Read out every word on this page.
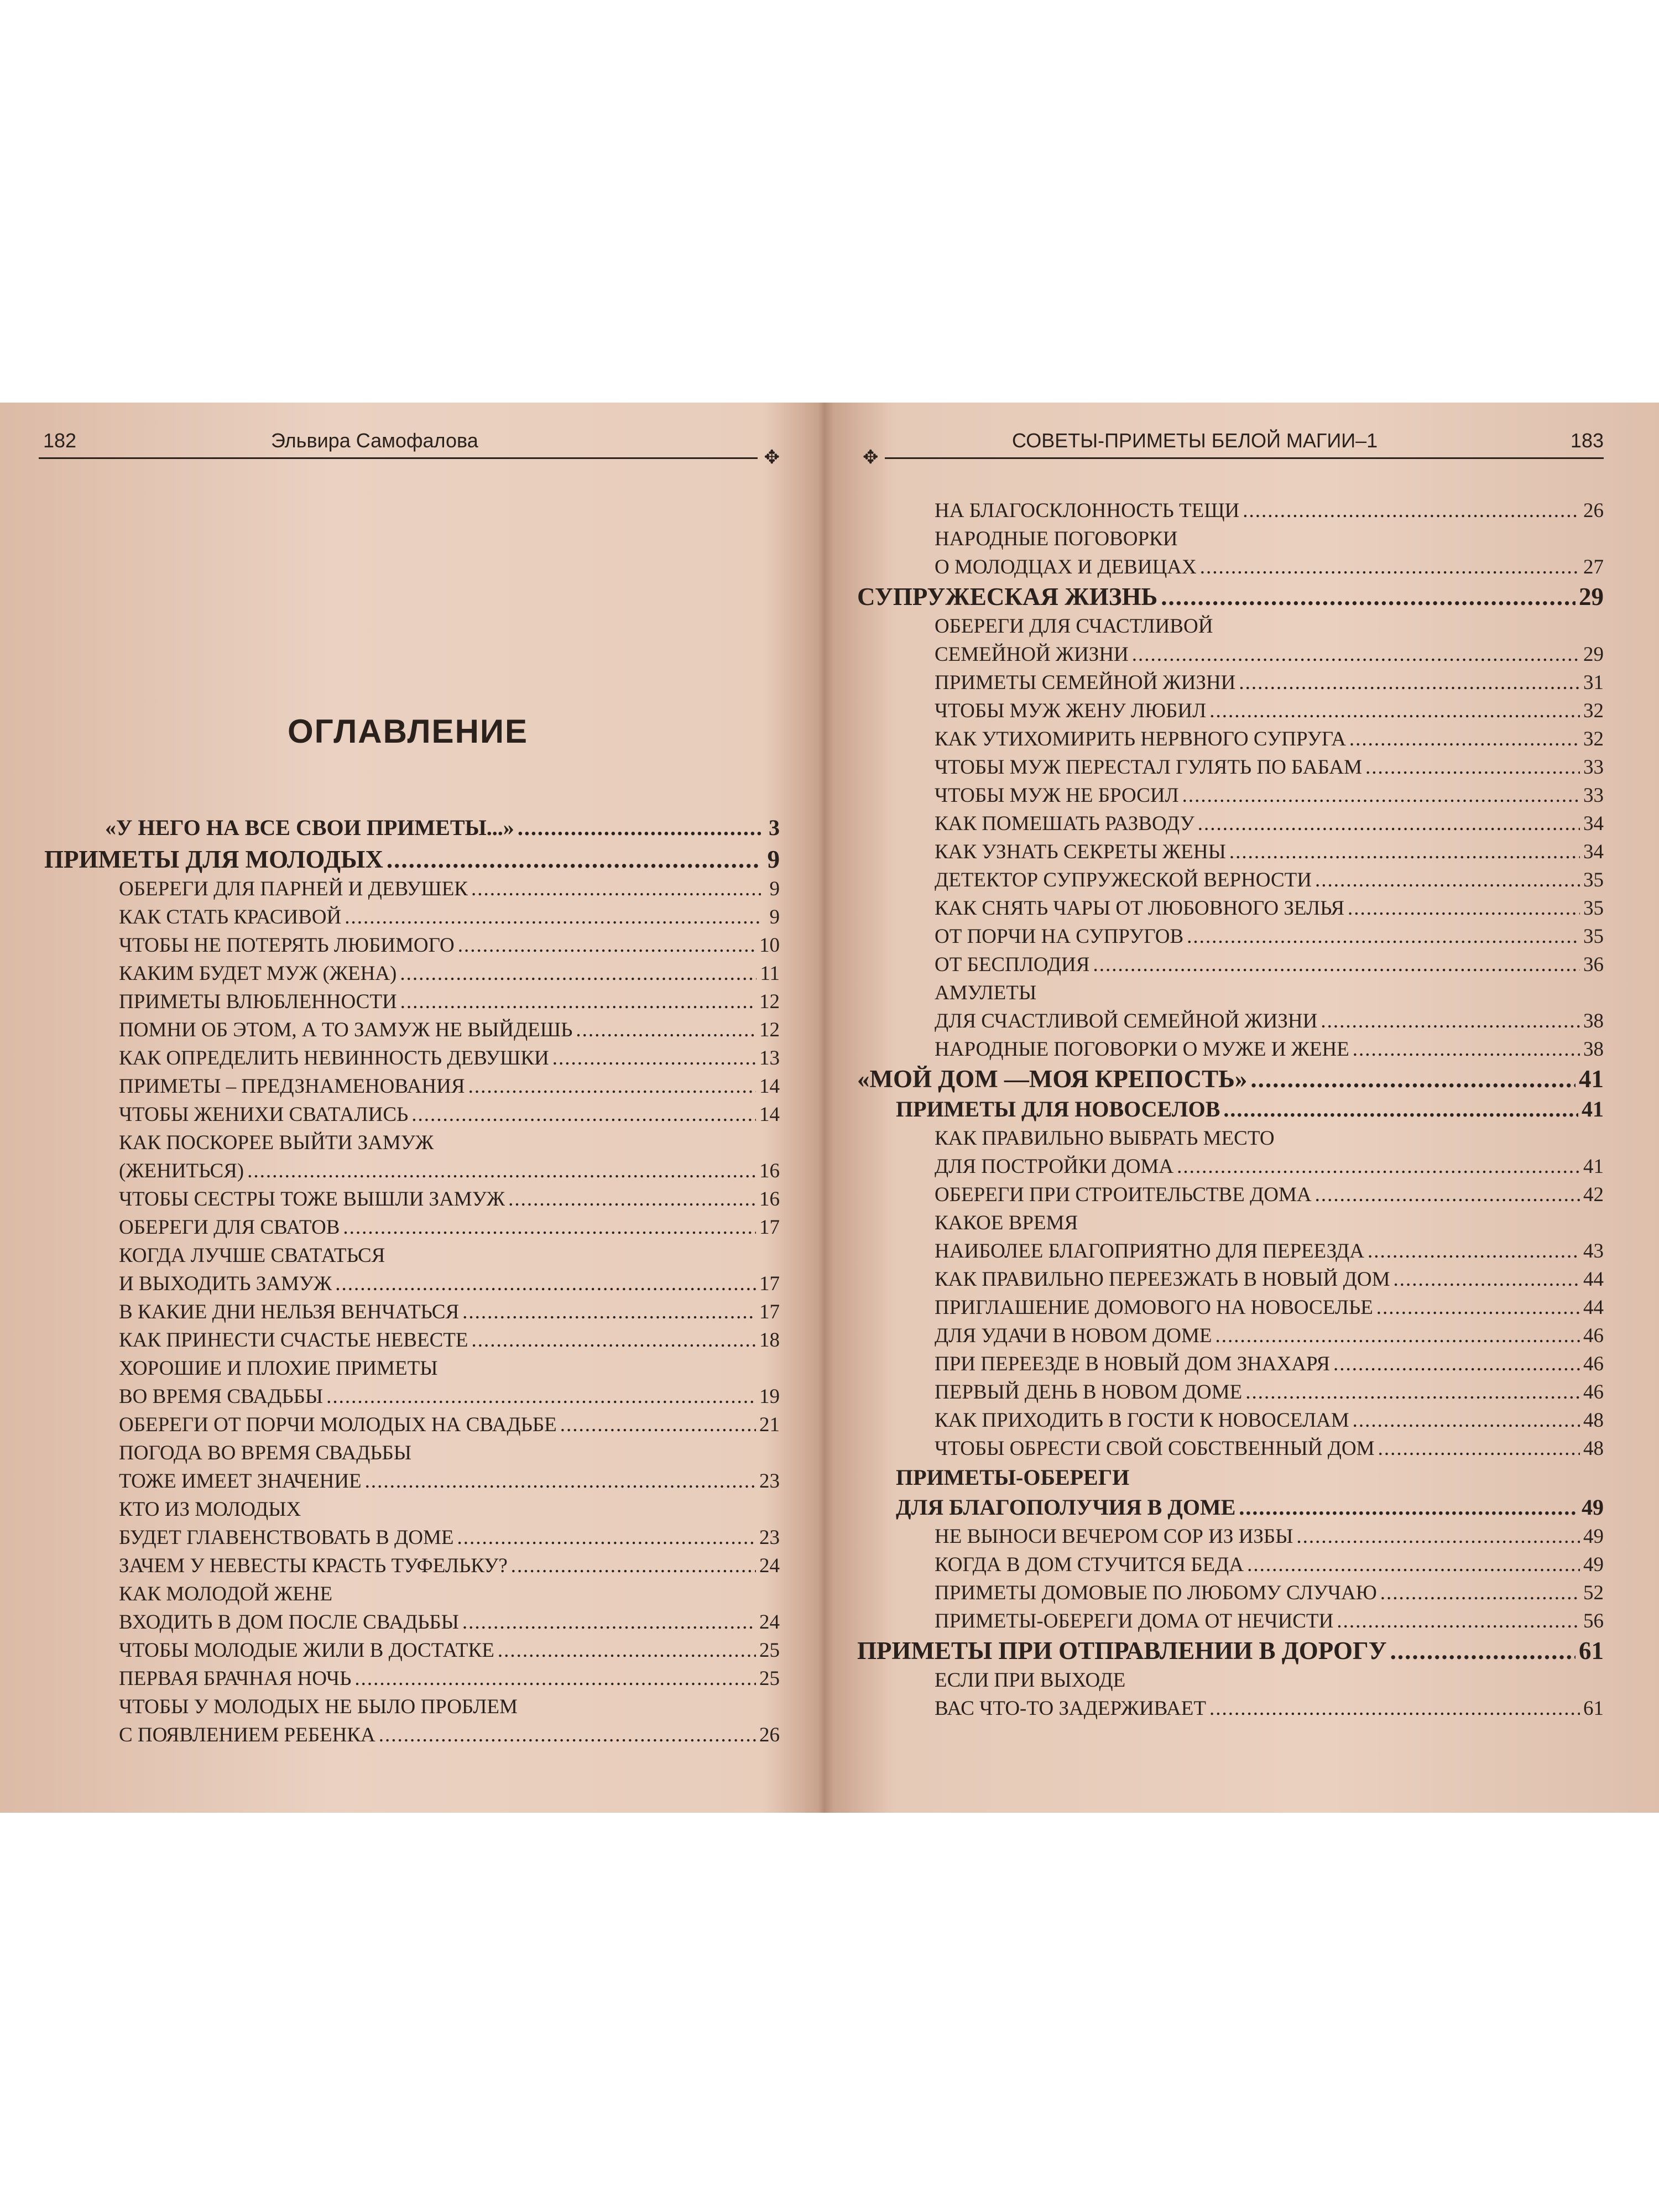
182	Эльвира Самофалова
✥
ОГЛАВЛЕНИЕ
«У НЕГО НА ВСЕ СВОИ ПРИМЕТЫ...» .....	3
ПРИМЕТЫ ДЛЯ МОЛОДЫХ .....	9
ОБЕРЕГИ ДЛЯ ПАРНЕЙ И ДЕВУШЕК .....	9
КАК СТАТЬ КРАСИВОЙ .....	9
ЧТОБЫ НЕ ПОТЕРЯТЬ ЛЮБИМОГО .....	10
КАКИМ БУДЕТ МУЖ (ЖЕНА) .....	11
ПРИМЕТЫ ВЛЮБЛЕННОСТИ .....	12
ПОМНИ ОБ ЭТОМ, А ТО ЗАМУЖ НЕ ВЫЙДЕШЬ .....	12
КАК ОПРЕДЕЛИТЬ НЕВИННОСТЬ ДЕВУШКИ .....	13
ПРИМЕТЫ – ПРЕДЗНАМЕНОВАНИЯ .....	14
ЧТОБЫ ЖЕНИХИ СВАТАЛИСЬ .....	14
КАК ПОСКОРЕЕ ВЫЙТИ ЗАМУЖ
(ЖЕНИТЬСЯ) .....	16
ЧТОБЫ СЕСТРЫ ТОЖЕ ВЫШЛИ ЗАМУЖ .....	16
ОБЕРЕГИ ДЛЯ СВАТОВ .....	17
КОГДА ЛУЧШЕ СВАТАТЬСЯ
И ВЫХОДИТЬ ЗАМУЖ .....	17
В КАКИЕ ДНИ НЕЛЬЗЯ ВЕНЧАТЬСЯ .....	17
КАК ПРИНЕСТИ СЧАСТЬЕ НЕВЕСТЕ .....	18
ХОРОШИЕ И ПЛОХИЕ ПРИМЕТЫ
ВО ВРЕМЯ СВАДЬБЫ .....	19
ОБЕРЕГИ ОТ ПОРЧИ МОЛОДЫХ НА СВАДЬБЕ .....	21
ПОГОДА ВО ВРЕМЯ СВАДЬБЫ
ТОЖЕ ИМЕЕТ ЗНАЧЕНИЕ .....	23
КТО ИЗ МОЛОДЫХ
БУДЕТ ГЛАВЕНСТВОВАТЬ В ДОМЕ .....	23
ЗАЧЕМ У НЕВЕСТЫ КРАСТЬ ТУФЕЛЬКУ? .....	24
КАК МОЛОДОЙ ЖЕНЕ
ВХОДИТЬ В ДОМ ПОСЛЕ СВАДЬБЫ .....	24
ЧТОБЫ МОЛОДЫЕ ЖИЛИ В ДОСТАТКЕ .....	25
ПЕРВАЯ БРАЧНАЯ НОЧЬ .....	25
ЧТОБЫ У МОЛОДЫХ НЕ БЫЛО ПРОБЛЕМ
С ПОЯВЛЕНИЕМ РЕБЕНКА .....	26
✥
СОВЕТЫ-ПРИМЕТЫ БЕЛОЙ МАГИИ–1	183
НА БЛАГОСКЛОННОСТЬ ТЕЩИ .....	26
НАРОДНЫЕ ПОГОВОРКИ
О МОЛОДЦАХ И ДЕВИЦАХ .....	27
СУПРУЖЕСКАЯ ЖИЗНЬ .....	29
ОБЕРЕГИ ДЛЯ СЧАСТЛИВОЙ
СЕМЕЙНОЙ ЖИЗНИ .....	29
ПРИМЕТЫ СЕМЕЙНОЙ ЖИЗНИ .....	31
ЧТОБЫ МУЖ ЖЕНУ ЛЮБИЛ .....	32
КАК УТИХОМИРИТЬ НЕРВНОГО СУПРУГА .....	32
ЧТОБЫ МУЖ ПЕРЕСТАЛ ГУЛЯТЬ ПО БАБАМ .....	33
ЧТОБЫ МУЖ НЕ БРОСИЛ .....	33
КАК ПОМЕШАТЬ РАЗВОДУ .....	34
КАК УЗНАТЬ СЕКРЕТЫ ЖЕНЫ .....	34
ДЕТЕКТОР СУПРУЖЕСКОЙ ВЕРНОСТИ .....	35
КАК СНЯТЬ ЧАРЫ ОТ ЛЮБОВНОГО ЗЕЛЬЯ .....	35
ОТ ПОРЧИ НА СУПРУГОВ .....	35
ОТ БЕСПЛОДИЯ .....	36
АМУЛЕТЫ
ДЛЯ СЧАСТЛИВОЙ СЕМЕЙНОЙ ЖИЗНИ .....	38
НАРОДНЫЕ ПОГОВОРКИ О МУЖЕ И ЖЕНЕ .....	38
«МОЙ ДОМ —МОЯ КРЕПОСТЬ» .....	41
ПРИМЕТЫ ДЛЯ НОВОСЕЛОВ .....	41
КАК ПРАВИЛЬНО ВЫБРАТЬ МЕСТО
ДЛЯ ПОСТРОЙКИ ДОМА .....	41
ОБЕРЕГИ ПРИ СТРОИТЕЛЬСТВЕ ДОМА .....	42
КАКОЕ ВРЕМЯ
НАИБОЛЕЕ БЛАГОПРИЯТНО ДЛЯ ПЕРЕЕЗДА .....	43
КАК ПРАВИЛЬНО ПЕРЕЕЗЖАТЬ В НОВЫЙ ДОМ .....	44
ПРИГЛАШЕНИЕ ДОМОВОГО НА НОВОСЕЛЬЕ .....	44
ДЛЯ УДАЧИ В НОВОМ ДОМЕ .....	46
ПРИ ПЕРЕЕЗДЕ В НОВЫЙ ДОМ ЗНАХАРЯ .....	46
ПЕРВЫЙ ДЕНЬ В НОВОМ ДОМЕ .....	46
КАК ПРИХОДИТЬ В ГОСТИ К НОВОСЕЛАМ .....	48
ЧТОБЫ ОБРЕСТИ СВОЙ СОБСТВЕННЫЙ ДОМ .....	48
ПРИМЕТЫ-ОБЕРЕГИ
ДЛЯ БЛАГОПОЛУЧИЯ В ДОМЕ .....	49
НЕ ВЫНОСИ ВЕЧЕРОМ СОР ИЗ ИЗБЫ .....	49
КОГДА В ДОМ СТУЧИТСЯ БЕДА .....	49
ПРИМЕТЫ ДОМОВЫЕ ПО ЛЮБОМУ СЛУЧАЮ .....	52
ПРИМЕТЫ-ОБЕРЕГИ ДОМА ОТ НЕЧИСТИ .....	56
ПРИМЕТЫ ПРИ ОТПРАВЛЕНИИ В ДОРОГУ .....	61
ЕСЛИ ПРИ ВЫХОДЕ
ВАС ЧТО-ТО ЗАДЕРЖИВАЕТ .....	61
